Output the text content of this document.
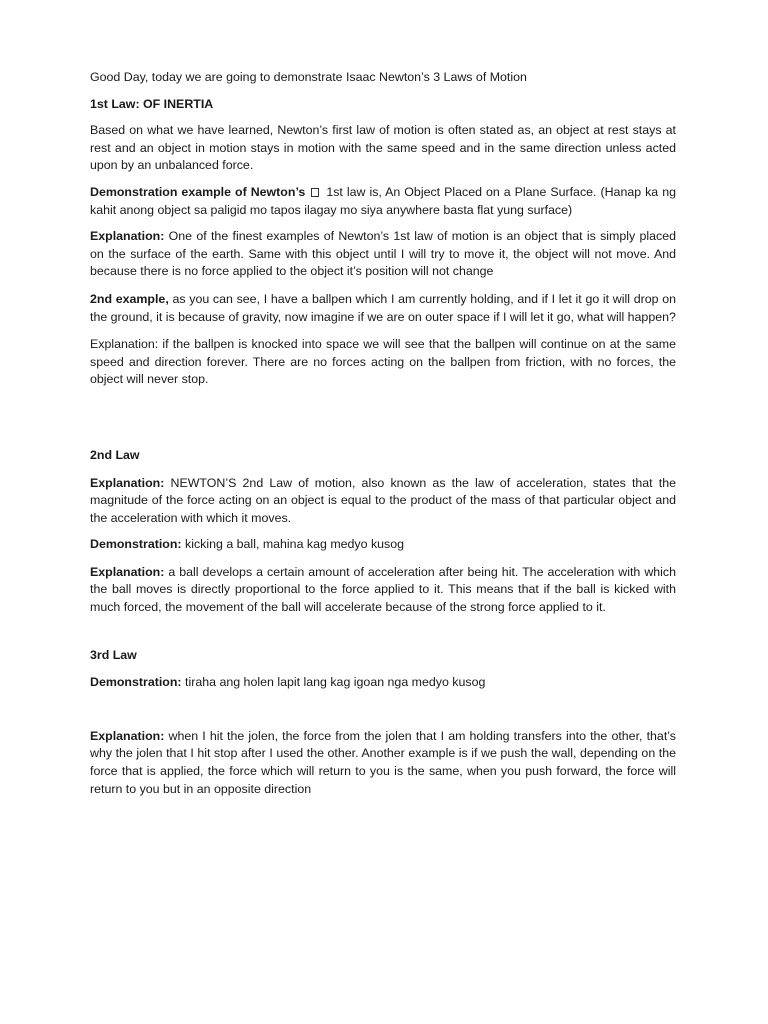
Good Day, today we are going to demonstrate Isaac Newton’s 3 Laws of Motion

1st Law: OF INERTIA

Based on what we have learned, Newton’s first law of motion is often stated as, an object at rest stays at rest and an object in motion stays in motion with the same speed and in the same direction unless acted upon by an unbalanced force.

Demonstration example of Newton’s 1st law is, An Object Placed on a Plane Surface. (Hanap ka ng kahit anong object sa paligid mo tapos ilagay mo siya anywhere basta flat yung surface)

Explanation: One of the finest examples of Newton’s 1st law of motion is an object that is simply placed on the surface of the earth. Same with this object until I will try to move it, the object will not move. And because there is no force applied to the object it’s position will not change

2nd example, as you can see, I have a ballpen which I am currently holding, and if I let it go it will drop on the ground, it is because of gravity, now imagine if we are on outer space if I will let it go, what will happen?

Explanation: if the ballpen is knocked into space we will see that the ballpen will continue on at the same speed and direction forever. There are no forces acting on the ballpen from friction, with no forces, the object will never stop.

2nd Law

Explanation: NEWTON’S 2nd Law of motion, also known as the law of acceleration, states that the magnitude of the force acting on an object is equal to the product of the mass of that particular object and the acceleration with which it moves.

Demonstration: kicking a ball, mahina kag medyo kusog

Explanation: a ball develops a certain amount of acceleration after being hit. The acceleration with which the ball moves is directly proportional to the force applied to it. This means that if the ball is kicked with much forced, the movement of the ball will accelerate because of the strong force applied to it.

3rd Law

Demonstration: tiraha ang holen lapit lang kag igoan nga medyo kusog

Explanation: when I hit the jolen, the force from the jolen that I am holding transfers into the other, that’s why the jolen that I hit stop after I used the other. Another example is if we push the wall, depending on the force that is applied, the force which will return to you is the same, when you push forward, the force will return to you but in an opposite direction
